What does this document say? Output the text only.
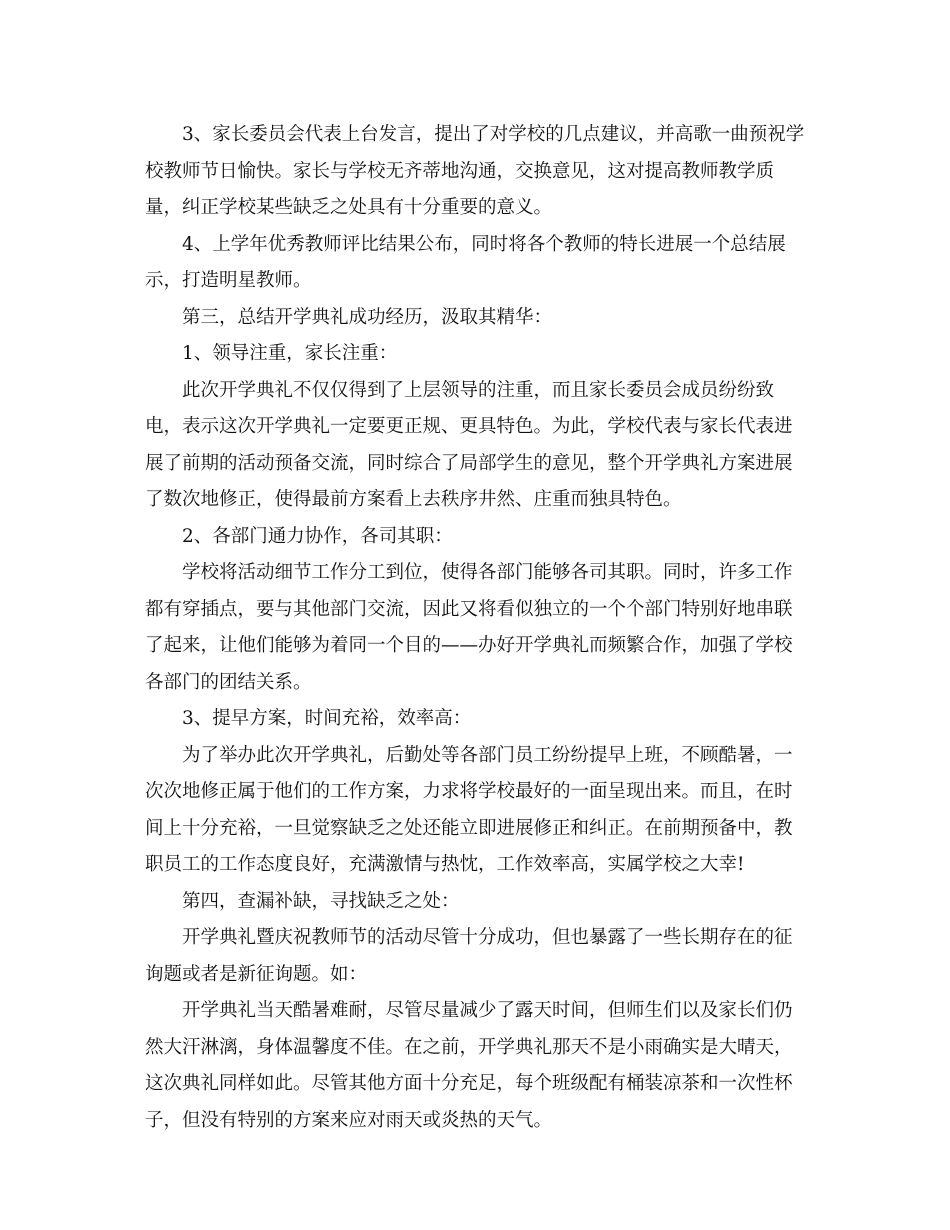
3、家长委员会代表上台发言，提出了对学校的几点建议，并高歌一曲预祝学
校教师节日愉快。家长与学校无齐蒂地沟通，交换意见，这对提高教师教学质
量，纠正学校某些缺乏之处具有十分重要的意义。
4、上学年优秀教师评比结果公布，同时将各个教师的特长进展一个总结展
示，打造明星教师。
第三，总结开学典礼成功经历，汲取其精华：
1、领导注重，家长注重：
此次开学典礼不仅仅得到了上层领导的注重，而且家长委员会成员纷纷致
电，表示这次开学典礼一定要更正规、更具特色。为此，学校代表与家长代表进
展了前期的活动预备交流，同时综合了局部学生的意见，整个开学典礼方案进展
了数次地修正，使得最前方案看上去秩序井然、庄重而独具特色。
2、各部门通力协作，各司其职：
学校将活动细节工作分工到位，使得各部门能够各司其职。同时，许多工作
都有穿插点，要与其他部门交流，因此又将看似独立的一个个部门特别好地串联
了起来，让他们能够为着同一个目的——办好开学典礼而频繁合作，加强了学校
各部门的团结关系。
3、提早方案，时间充裕，效率高：
为了举办此次开学典礼，后勤处等各部门员工纷纷提早上班，不顾酷暑，一
次次地修正属于他们的工作方案，力求将学校最好的一面呈现出来。而且，在时
间上十分充裕，一旦觉察缺乏之处还能立即进展修正和纠正。在前期预备中，教
职员工的工作态度良好，充满激情与热忱，工作效率高，实属学校之大幸!
第四，查漏补缺，寻找缺乏之处：
开学典礼暨庆祝教师节的活动尽管十分成功，但也暴露了一些长期存在的征
询题或者是新征询题。如：
开学典礼当天酷暑难耐，尽管尽量减少了露天时间，但师生们以及家长们仍
然大汗淋漓，身体温馨度不佳。在之前，开学典礼那天不是小雨确实是大晴天，
这次典礼同样如此。尽管其他方面十分充足，每个班级配有桶装凉茶和一次性杯
子，但没有特别的方案来应对雨天或炎热的天气。
